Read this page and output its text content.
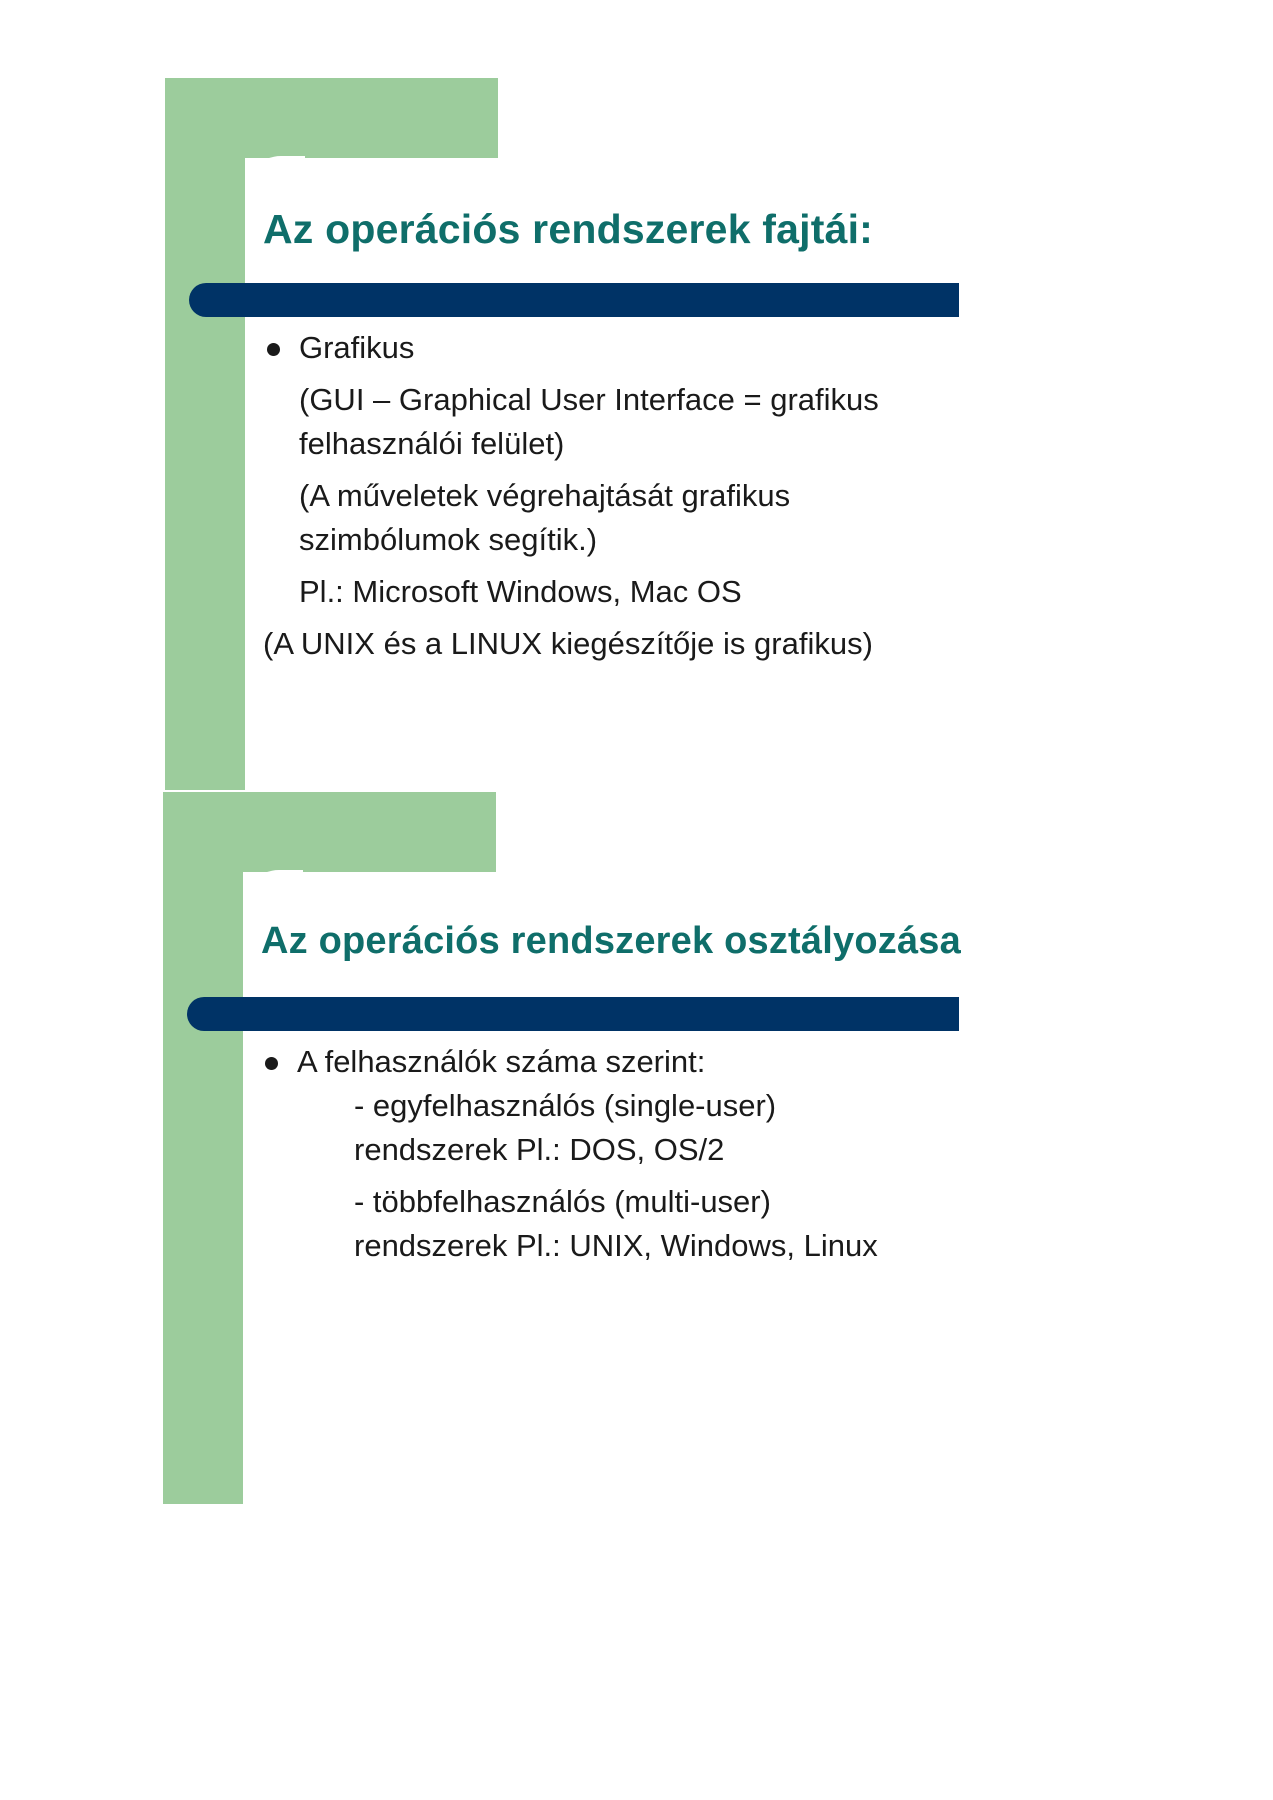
Az operációs rendszerek fajtái:
Grafikus
(GUI – Graphical User Interface = grafikus
felhasználói felület)
(A műveletek végrehajtását grafikus
szimbólumok segítik.)
Pl.: Microsoft Windows, Mac OS
(A UNIX és a LINUX kiegészítője is grafikus)
Az operációs rendszerek osztályozása
A felhasználók száma szerint:
- egyfelhasználós (single-user)
rendszerek Pl.: DOS, OS/2
- többfelhasználós (multi-user)
rendszerek Pl.: UNIX, Windows, Linux
